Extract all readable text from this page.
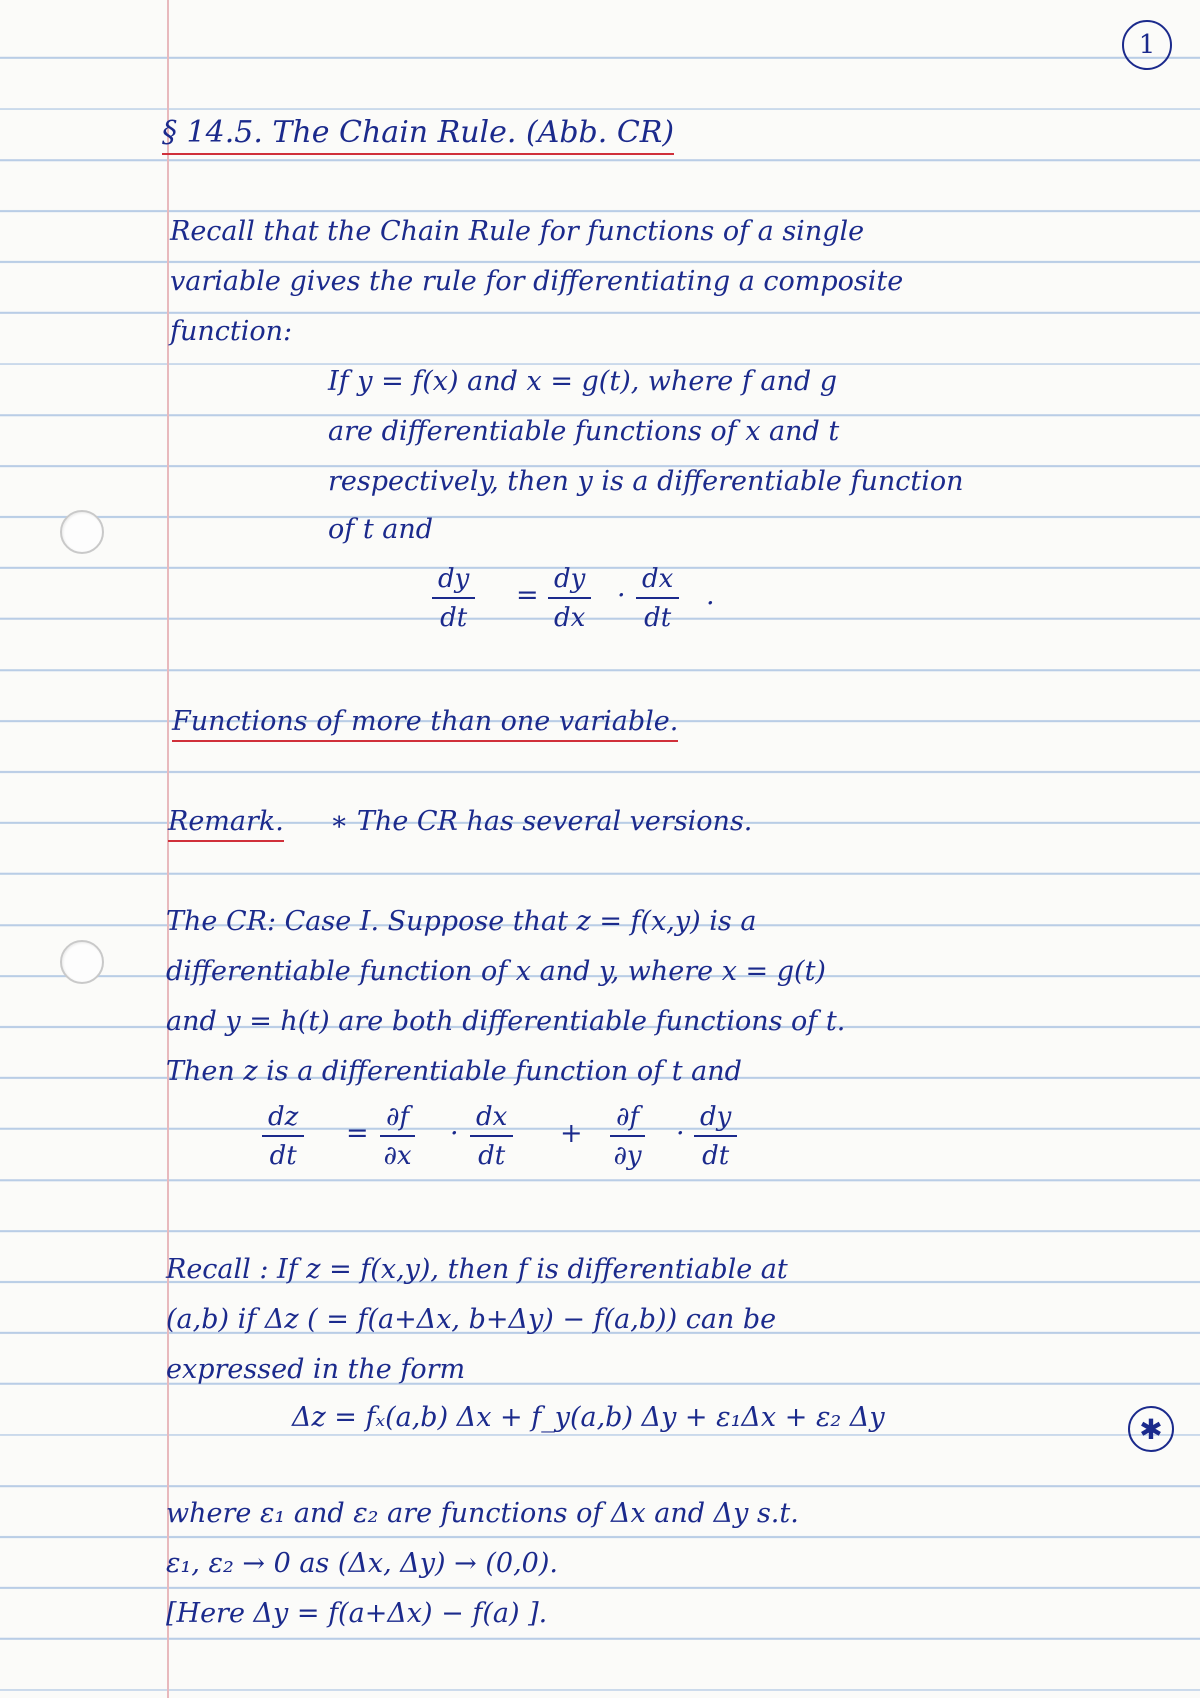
1
§ 14.5. The Chain Rule. (Abb. CR)
Recall that the Chain Rule for functions of a single
variable gives the rule for differentiating a composite
function:
If y = f(x) and x = g(t), where f and g
are differentiable functions of x and t
respectively, then y is a differentiable function
of t and
$\frac{dy}{dt} = \frac{dy}{dx} \cdot \frac{dx}{dt}$ .
Functions of more than one variable.
Remark. ∗ The CR has several versions.
The CR: Case I. Suppose that z = f(x,y) is a
differentiable function of x and y, where x = g(t)
and y = h(t) are both differentiable functions of t.
Then z is a differentiable function of t and
$\frac{dz}{dt} = \frac{\partial f}{\partial x} \cdot \frac{dx}{dt} + \frac{\partial f}{\partial y} \cdot \frac{dy}{dt}$
Recall : If z = f(x,y), then f is differentiable at
(a,b) if Δz ( = f(a+Δx, b+Δy) − f(a,b)) can be
expressed in the form
Δz = fₓ(a,b) Δx + f_y(a,b) Δy + ε₁Δx + ε₂ Δy	✱
where ε₁ and ε₂ are functions of Δx and Δy s.t.
ε₁, ε₂ → 0 as (Δx, Δy) → (0,0).
[Here Δy = f(a+Δx) − f(a) ].
